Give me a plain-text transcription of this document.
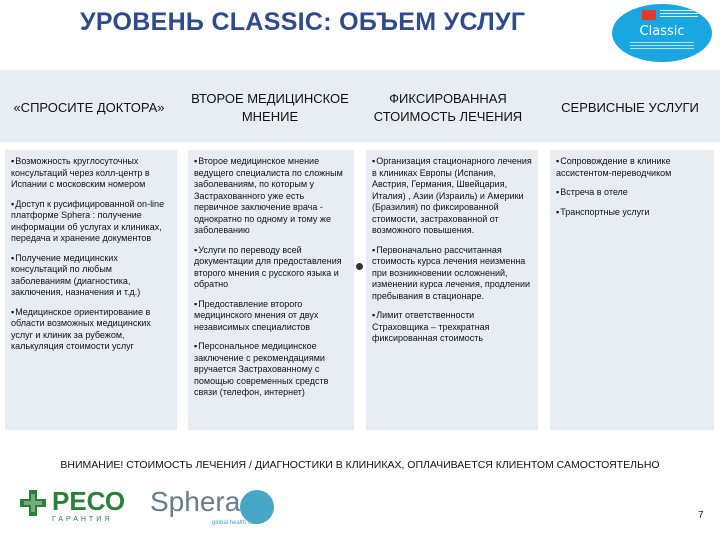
УРОВЕНЬ CLASSIC: ОБЪЕМ УСЛУГ	Classic
«СПРОСИТЕ ДОКТОРА»
ВТОРОЕ МЕДИЦИНСКОЕ МНЕНИЕ
ФИКСИРОВАННАЯ СТОИМОСТЬ ЛЕЧЕНИЯ
СЕРВИСНЫЕ УСЛУГИ
▪ Возможность круглосуточных консультаций через колл-центр в Испании с московским номером
▪ Доступ к русифицированной on-line платформе Sphera : получение информации об услугах и клиниках, передача и хранение документов
▪ Получение медицинских консультаций по любым заболеваниям (диагностика, заключения, назначения и т.д.)
▪ Медицинское ориентирование в области возможных медицинских услуг и клиник за рубежом, калькуляция стоимости услуг
▪ Второе медицинское мнение ведущего специалиста по сложным заболеваниям, по которым у Застрахованного уже есть первичное заключение врача - однократно по одному и тому же заболеванию
▪ Услуги по переводу всей документации для предоставления второго мнения с русского языка и обратно
▪ Предоставление второго медицинского мнения от двух независимых специалистов
▪ Персональное медицинское заключение с рекомендациями вручается Застрахованному с помощью современных средств связи (телефон, интернет)
▪ Организация стационарного лечения в клиниках Европы (Испания, Австрия, Германия, Швейцария, Италия) , Азии (Израиль) и Америки (Бразилия) по фиксированной стоимости, застрахованной от возможного повышения.
▪ Первоначально рассчитанная стоимость курса лечения неизменна при возникновении осложнений, изменении курса лечения, продлении пребывания в стационаре.
▪ Лимит ответственности Страховщика – трехкратная фиксированная стоимость
▪ Сопровождение в клинике ассистентом-переводчиком
▪ Встреча в отеле
▪ Транспортные услуги
ВНИМАНИЕ! СТОИМОСТЬ ЛЕЧЕНИЯ / ДИАГНОСТИКИ В КЛИНИКАХ, ОПЛАЧИВАЕТСЯ КЛИЕНТОМ САМОСТОЯТЕЛЬНО
РЕСО
ГАРАНТИЯ
Sphera
global health care
7
